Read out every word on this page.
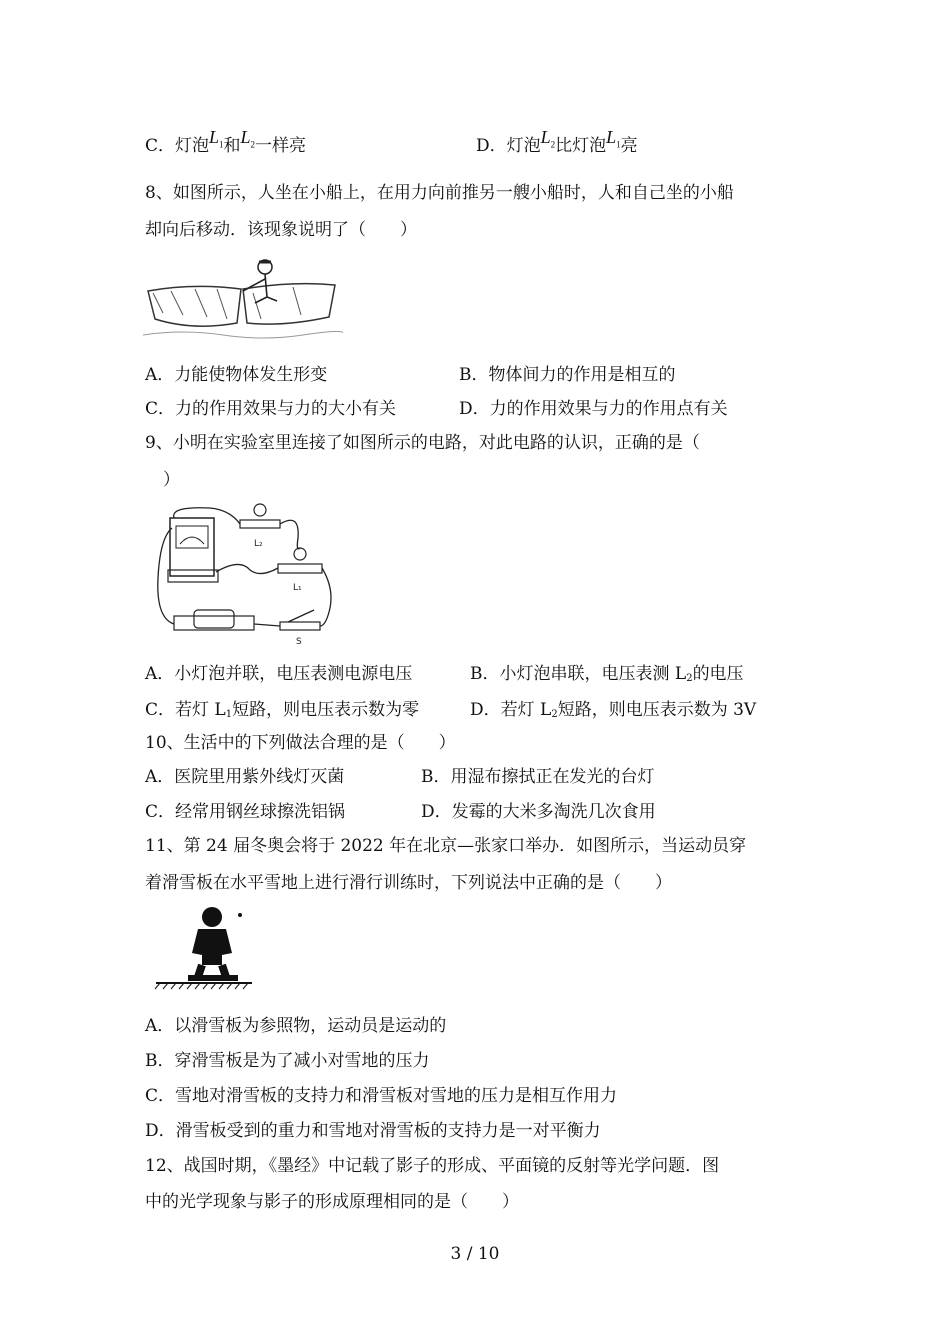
C．灯泡$L_1$和$L_2$一样亮	D．灯泡$L_2$比灯泡$L_1$亮
8、如图所示，人坐在小船上，在用力向前推另一艘小船时，人和自己坐的小船
却向后移动．该现象说明了（　　）
A．力能使物体发生形变	B．物体间力的作用是相互的
C．力的作用效果与力的大小有关	D．力的作用效果与力的作用点有关
9、小明在实验室里连接了如图所示的电路，对此电路的认识，正确的是（
）
L₂
L₁
S
A．小灯泡并联，电压表测电源电压	B．小灯泡串联，电压表测 $L_2$的电压
C．若灯 $L_1$短路，则电压表示数为零	D．若灯 $L_2$短路，则电压表示数为 3V
10、生活中的下列做法合理的是（　　）
A．医院里用紫外线灯灭菌	B．用湿布擦拭正在发光的台灯
C．经常用钢丝球擦洗铝锅	D．发霉的大米多淘洗几次食用
11、第 24 届冬奥会将于 2022 年在北京—张家口举办．如图所示，当运动员穿
着滑雪板在水平雪地上进行滑行训练时，下列说法中正确的是（　　）
A．以滑雪板为参照物，运动员是运动的
B．穿滑雪板是为了减小对雪地的压力
C．雪地对滑雪板的支持力和滑雪板对雪地的压力是相互作用力
D．滑雪板受到的重力和雪地对滑雪板的支持力是一对平衡力
12、战国时期，《墨经》中记载了影子的形成、平面镜的反射等光学问题．图
中的光学现象与影子的形成原理相同的是（　　）
3 / 10
